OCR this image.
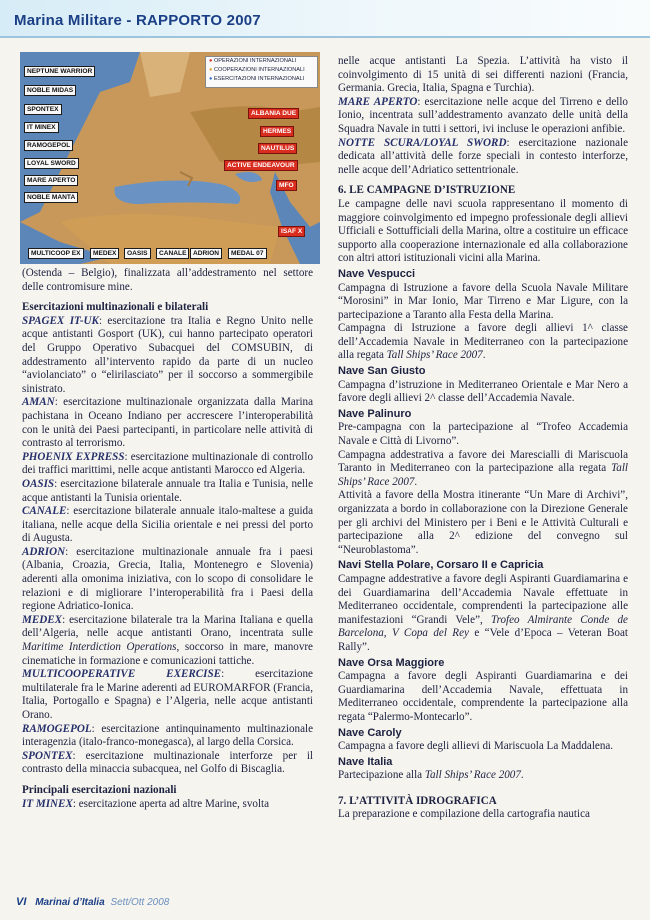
Marina Militare - RAPPORTO 2007
● OPERAZIONI INTERNAZIONALI
● COOPERAZIONI INTERNAZIONALI
● ESERCITAZIONI INTERNAZIONALI
NEPTUNE WARRIOR
NOBLE MIDAS
SPONTEX
IT MINEX
RAMOGEPOL
LOYAL SWORD
MARE APERTO
NOBLE MANTA
MULTICOOP EX	MEDEX	OASIS	CANALE ADRION	MEDAL 07
ALBANIA DUE
HERMES
NAUTILUS
ACTIVE ENDEAVOUR
MFO
ISAF X

(Ostenda – Belgio), finalizzata all’addestramento nel settore delle contromisure mine.

Esercitazioni multinazionali e bilaterali

SPAGEX IT-UK: esercitazione tra Italia e Regno Unito nelle acque antistanti Gosport (UK), cui hanno partecipato operatori del Gruppo Operativo Subacquei del COMSUBIN, di addestramento all’intervento rapido da parte di un nucleo “aviolanciato” o “elirilasciato” per il soccorso a sommergibile sinistrato.

AMAN: esercitazione multinazionale organizzata dalla Marina pachistana in Oceano Indiano per accrescere l’interoperabilità con le unità dei Paesi partecipanti, in particolare nelle attività di contrasto al terrorismo.

PHOENIX EXPRESS: esercitazione multinazionale di controllo dei traffici marittimi, nelle acque antistanti Marocco ed Algeria.

OASIS: esercitazione bilaterale annuale tra Italia e Tunisia, nelle acque antistanti la Tunisia orientale.

CANALE: esercitazione bilaterale annuale italo-maltese a guida italiana, nelle acque della Sicilia orientale e nei pressi del porto di Augusta.

ADRION: esercitazione multinazionale annuale fra i paesi (Albania, Croazia, Grecia, Italia, Montenegro e Slovenia) aderenti alla omonima iniziativa, con lo scopo di consolidare le relazioni e di migliorare l’interoperabilità fra i Paesi della regione Adriatico-Ionica.

MEDEX: esercitazione bilaterale tra la Marina Italiana e quella dell’Algeria, nelle acque antistanti Orano, incentrata sulle Maritime Interdiction Operations, soccorso in mare, manovre cinematiche in formazione e comunicazioni tattiche.

MULTICOOPERATIVE EXERCISE: esercitazione multilaterale fra le Marine aderenti ad EUROMARFOR (Francia, Italia, Portogallo e Spagna) e l’Algeria, nelle acque antistanti Orano.

RAMOGEPOL: esercitazione antinquinamento multinazionale interagenzia (italo-franco-monegasca), al largo della Corsica.

SPONTEX: esercitazione multinazionale interforze per il contrasto della minaccia subacquea, nel Golfo di Biscaglia.

Principali esercitazioni nazionali

IT MINEX: esercitazione aperta ad altre Marine, svolta

nelle acque antistanti La Spezia. L’attività ha visto il coinvolgimento di 15 unità di sei differenti nazioni (Francia, Germania. Grecia, Italia, Spagna e Turchia).

MARE APERTO: esercitazione nelle acque del Tirreno e dello Ionio, incentrata sull’addestramento avanzato delle unità della Squadra Navale in tutti i settori, ivi incluse le operazioni anfibie.

NOTTE SCURA/LOYAL SWORD: esercitazione nazionale dedicata all’attività delle forze speciali in contesto interforze, nelle acque dell’Adriatico settentrionale.

6. LE CAMPAGNE D’ISTRUZIONE

Le campagne delle navi scuola rappresentano il momento di maggiore coinvolgimento ed impegno professionale degli allievi Ufficiali e Sottufficiali della Marina, oltre a costituire un efficace supporto alla cooperazione internazionale ed alla collaborazione con altri attori istituzionali vicini alla Marina.

Nave Vespucci

Campagna di Istruzione a favore della Scuola Navale Militare “Morosini” in Mar Ionio, Mar Tirreno e Mar Ligure, con la partecipazione a Taranto alla Festa della Marina.

Campagna di Istruzione a favore degli allievi 1^ classe dell’Accademia Navale in Mediterraneo con la partecipazione alla regata Tall Ships’ Race 2007.

Nave San Giusto

Campagna d’istruzione in Mediterraneo Orientale e Mar Nero a favore degli allievi 2^ classe dell’Accademia Navale.

Nave Palinuro

Pre-campagna con la partecipazione al “Trofeo Accademia Navale e Città di Livorno”.

Campagna addestrativa a favore dei Marescialli di Mariscuola Taranto in Mediterraneo con la partecipazione alla regata Tall Ships’ Race 2007.

Attività a favore della Mostra itinerante “Un Mare di Archivi”, organizzata a bordo in collaborazione con la Direzione Generale per gli archivi del Ministero per i Beni e le Attività Culturali e partecipazione alla 2^ edizione del convegno sul “Neuroblastoma”.

Navi Stella Polare, Corsaro II e Capricia

Campagne addestrative a favore degli Aspiranti Guardiamarina e dei Guardiamarina dell’Accademia Navale effettuate in Mediterraneo occidentale, comprendenti la partecipazione alle manifestazioni “Grandi Vele”, Trofeo Almirante Conde de Barcelona, V Copa del Rey e “Vele d’Epoca – Veteran Boat Rally”.

Nave Orsa Maggiore

Campagna a favore degli Aspiranti Guardiamarina e dei Guardiamarina dell’Accademia Navale, effettuata in Mediterraneo occidentale, comprendente la partecipazione alla regata “Palermo-Montecarlo”.

Nave Caroly

Campagna a favore degli allievi di Mariscuola La Maddalena.

Nave Italia

Partecipazione alla Tall Ships’ Race 2007.

7. L’ATTIVITÀ IDROGRAFICA

La preparazione e compilazione della cartografia nautica

VI Marinai d’Italia Sett/Ott 2008
